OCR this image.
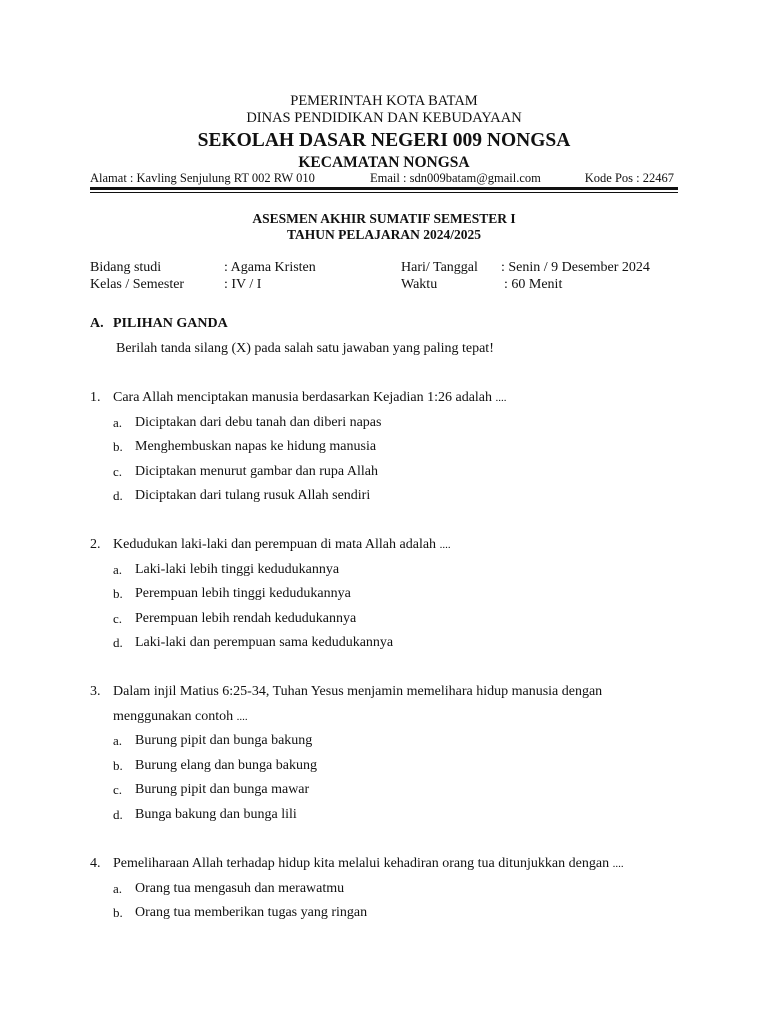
PEMERINTAH KOTA BATAM
DINAS PENDIDIKAN DAN KEBUDAYAAN
SEKOLAH DASAR NEGERI 009 NONGSA
KECAMATAN NONGSA
Alamat : Kavling Senjulung RT 002 RW 010	Email : sdn009batam@gmail.com	Kode Pos : 22467
ASESMEN AKHIR SUMATIF SEMESTER I
TAHUN PELAJARAN 2024/2025
Bidang studi	: Agama Kristen	Hari/ Tanggal : Senin / 9 Desember 2024
Kelas / Semester	: IV / I	Waktu	: 60 Menit
A. PILIHAN GANDA
Berilah tanda silang (X) pada salah satu jawaban yang paling tepat!
1. Cara Allah menciptakan manusia berdasarkan Kejadian 1:26 adalah ....
a. Diciptakan dari debu tanah dan diberi napas
b. Menghembuskan napas ke hidung manusia
c. Diciptakan menurut gambar dan rupa Allah
d. Diciptakan dari tulang rusuk Allah sendiri
2. Kedudukan laki-laki dan perempuan di mata Allah adalah ....
a. Laki-laki lebih tinggi kedudukannya
b. Perempuan lebih tinggi kedudukannya
c. Perempuan lebih rendah kedudukannya
d. Laki-laki dan perempuan sama kedudukannya
3. Dalam injil Matius 6:25-34, Tuhan Yesus menjamin memelihara hidup manusia dengan menggunakan contoh ....
a. Burung pipit dan bunga bakung
b. Burung elang dan bunga bakung
c. Burung pipit dan bunga mawar
d. Bunga bakung dan bunga lili
4. Pemeliharaan Allah terhadap hidup kita melalui kehadiran orang tua ditunjukkan dengan ....
a. Orang tua mengasuh dan merawatmu
b. Orang tua memberikan tugas yang ringan
